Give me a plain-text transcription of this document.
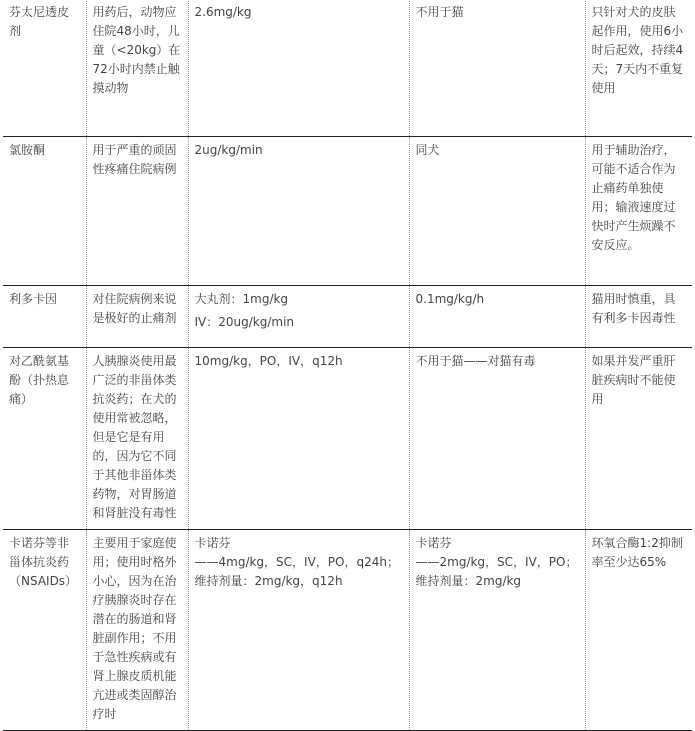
芬太尼透皮剂	用药后，动物应住院48小时，儿童（<20kg）在72小时内禁止触摸动物	2.6mg/kg	不用于猫	只针对犬的皮肤起作用，使用6小时后起效，持续4天；7天内不重复使用
氯胺酮	用于严重的顽固性疼痛住院病例	2ug/kg/min	同犬	用于辅助治疗，可能不适合作为止痛药单独使用；输液速度过快时产生烦躁不安反应。
利多卡因	对住院病例来说是极好的止痛剂	大丸剂：1mg/kg
IV：20ug/kg/min	0.1mg/kg/h	猫用时慎重，具有利多卡因毒性
对乙酰氨基酚（扑热息痛）	人胰腺炎使用最广泛的非甾体类抗炎药；在犬的使用常被忽略，但是它是有用的，因为它不同于其他非甾体类药物，对胃肠道和肾脏没有毒性	10mg/kg，PO，IV，q12h	不用于猫——对猫有毒	如果并发严重肝脏疾病时不能使用
卡诺芬等非甾体抗炎药（NSAIDs）	主要用于家庭使用；使用时格外小心，因为在治疗胰腺炎时存在潜在的肠道和肾脏副作用；不用于急性疾病或有肾上腺皮质机能亢进或类固醇治疗时	卡诺芬
——4mg/kg，SC，IV，PO，q24h；
维持剂量：2mg/kg，q12h	卡诺芬
——2mg/kg，SC，IV，PO；
维持剂量：2mg/kg	环氧合酶1:2抑制率至少达65%
